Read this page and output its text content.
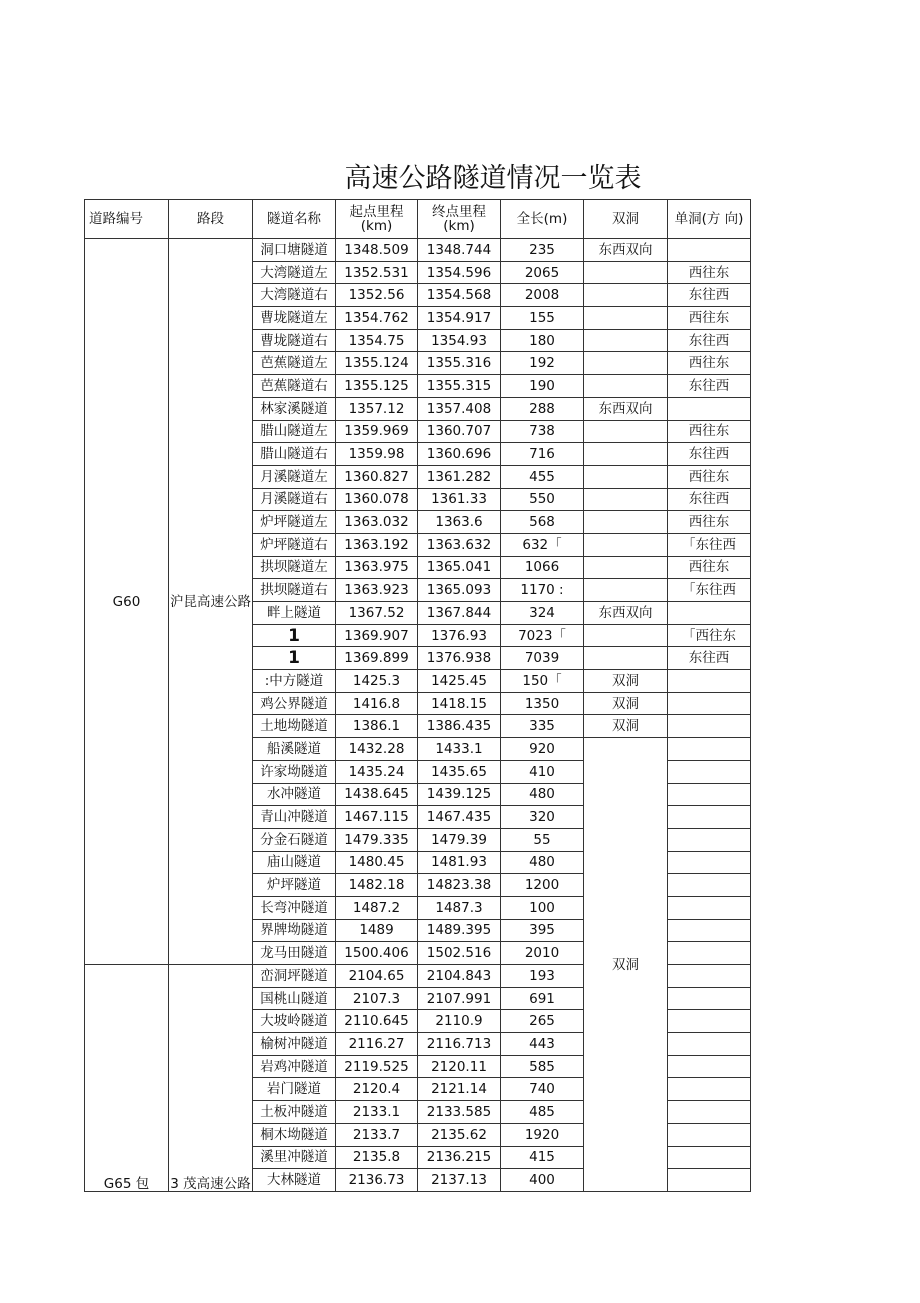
高速公路隧道情况一览表
道路编号	路段	隧道名称	起点里程(km)	终点里程(km)	全长(m)	双洞	单洞(方 向)
G60	沪昆高速公路	洞口塘隧道	1348.509	1348.744	235	东西双向	
		大湾隧道左	1352.531	1354.596	2065		西往东
		大湾隧道右	1352.56	1354.568	2008		东往西
		曹垅隧道左	1354.762	1354.917	155		西往东
		曹垅隧道右	1354.75	1354.93	180		东往西
		芭蕉隧道左	1355.124	1355.316	192		西往东
		芭蕉隧道右	1355.125	1355.315	190		东往西
		林家溪隧道	1357.12	1357.408	288	东西双向	
		腊山隧道左	1359.969	1360.707	738		西往东
		腊山隧道右	1359.98	1360.696	716		东往西
		月溪隧道左	1360.827	1361.282	455		西往东
		月溪隧道右	1360.078	1361.33	550		东往西
		炉坪隧道左	1363.032	1363.6	568		西往东
		炉坪隧道右	1363.192	1363.632	632「		「东往西
		拱坝隧道左	1363.975	1365.041	1066		西往东
		拱坝隧道右	1363.923	1365.093	1170 :		「东往西
		畔上隧道	1367.52	1367.844	324	东西双向	
		1	1369.907	1376.93	7023「		「西往东
		1	1369.899	1376.938	7039		东往西
		:中方隧道	1425.3	1425.45	150「	双洞	
		鸡公界隧道	1416.8	1418.15	1350	双洞	
		土地坳隧道	1386.1	1386.435	335	双洞	
		船溪隧道	1432.28	1433.1	920	双洞	
		许家坳隧道	1435.24	1435.65	410		
		水冲隧道	1438.645	1439.125	480		
		青山冲隧道	1467.115	1467.435	320		
		分金石隧道	1479.335	1479.39	55		
		庙山隧道	1480.45	1481.93	480		
		炉坪隧道	1482.18	14823.38	1200		
		长弯冲隧道	1487.2	1487.3	100		
		界牌坳隧道	1489	1489.395	395		
		龙马田隧道	1500.406	1502.516	2010		
G65 包	3 茂高速公路	峦洞坪隧道	2104.65	2104.843	193		
		国桃山隧道	2107.3	2107.991	691		
		大坡岭隧道	2110.645	2110.9	265		
		榆树冲隧道	2116.27	2116.713	443		
		岩鸡冲隧道	2119.525	2120.11	585		
		岩门隧道	2120.4	2121.14	740		
		土板冲隧道	2133.1	2133.585	485		
		桐木坳隧道	2133.7	2135.62	1920		
		溪里冲隧道	2135.8	2136.215	415		
		大林隧道	2136.73	2137.13	400		
